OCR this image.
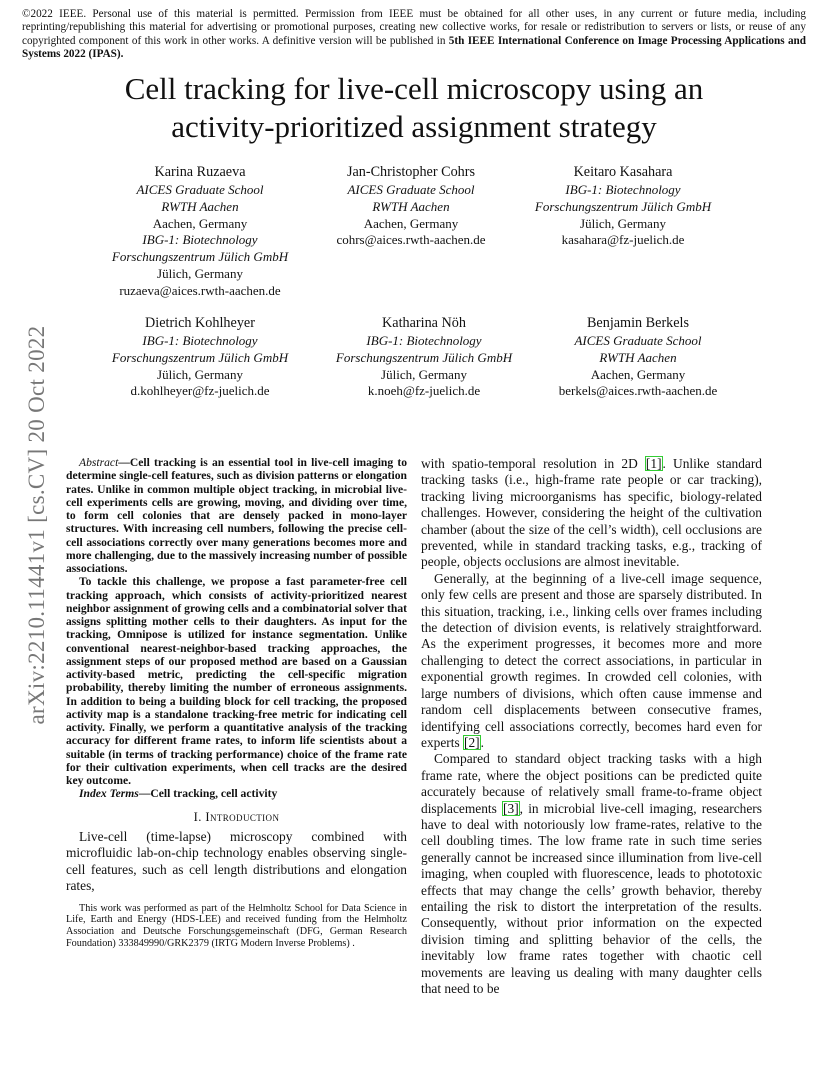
©2022 IEEE. Personal use of this material is permitted. Permission from IEEE must be obtained for all other uses, in any current or future media, including reprinting/republishing this material for advertising or promotional purposes, creating new collective works, for resale or redistribution to servers or lists, or reuse of any copyrighted component of this work in other works. A definitive version will be published in 5th IEEE International Conference on Image Processing Applications and Systems 2022 (IPAS).
Cell tracking for live-cell microscopy using an
activity-prioritized assignment strategy
arXiv:2210.11441v1 [cs.CV] 20 Oct 2022
Karina Ruzaeva
AICES Graduate School
RWTH Aachen
Aachen, Germany
IBG-1: Biotechnology
Forschungszentrum Jülich GmbH
Jülich, Germany
ruzaeva@aices.rwth-aachen.de
Jan-Christopher Cohrs
AICES Graduate School
RWTH Aachen
Aachen, Germany
cohrs@aices.rwth-aachen.de
Keitaro Kasahara
IBG-1: Biotechnology
Forschungszentrum Jülich GmbH
Jülich, Germany
kasahara@fz-juelich.de
Dietrich Kohlheyer
IBG-1: Biotechnology
Forschungszentrum Jülich GmbH
Jülich, Germany
d.kohlheyer@fz-juelich.de
Katharina Nöh
IBG-1: Biotechnology
Forschungszentrum Jülich GmbH
Jülich, Germany
k.noeh@fz-juelich.de
Benjamin Berkels
AICES Graduate School
RWTH Aachen
Aachen, Germany
berkels@aices.rwth-aachen.de

Abstract—Cell tracking is an essential tool in live-cell imaging to determine single-cell features, such as division patterns or elongation rates. Unlike in common multiple object tracking, in microbial live-cell experiments cells are growing, moving, and dividing over time, to form cell colonies that are densely packed in mono-layer structures. With increasing cell numbers, following the precise cell-cell associations correctly over many generations becomes more and more challenging, due to the massively increasing number of possible associations.

To tackle this challenge, we propose a fast parameter-free cell tracking approach, which consists of activity-prioritized nearest neighbor assignment of growing cells and a combinatorial solver that assigns splitting mother cells to their daughters. As input for the tracking, Omnipose is utilized for instance segmentation. Unlike conventional nearest-neighbor-based tracking approaches, the assignment steps of our proposed method are based on a Gaussian activity-based metric, predicting the cell-specific migration probability, thereby limiting the number of erroneous assignments. In addition to being a building block for cell tracking, the proposed activity map is a standalone tracking-free metric for indicating cell activity. Finally, we perform a quantitative analysis of the tracking accuracy for different frame rates, to inform life scientists about a suitable (in terms of tracking performance) choice of the frame rate for their cultivation experiments, when cell tracks are the desired key outcome.

Index Terms—Cell tracking, cell activity

I. Introduction

Live-cell (time-lapse) microscopy combined with microfluidic lab-on-chip technology enables observing single-cell features, such as cell length distributions and elongation rates,

This work was performed as part of the Helmholtz School for Data Science in Life, Earth and Energy (HDS-LEE) and received funding from the Helmholtz Association and Deutsche Forschungsgemeinschaft (DFG, German Research Foundation) 333849990/GRK2379 (IRTG Modern Inverse Problems) .

with spatio-temporal resolution in 2D [1]. Unlike standard tracking tasks (i.e., high-frame rate people or car tracking), tracking living microorganisms has specific, biology-related challenges. However, considering the height of the cultivation chamber (about the size of the cell’s width), cell occlusions are prevented, while in standard tracking tasks, e.g., tracking of people, objects occlusions are almost inevitable.

Generally, at the beginning of a live-cell image sequence, only few cells are present and those are sparsely distributed. In this situation, tracking, i.e., linking cells over frames including the detection of division events, is relatively straightforward. As the experiment progresses, it becomes more and more challenging to detect the correct associations, in particular in exponential growth regimes. In crowded cell colonies, with large numbers of divisions, which often cause immense and random cell displacements between consecutive frames, identifying cell associations correctly, becomes hard even for experts [2].

Compared to standard object tracking tasks with a high frame rate, where the object positions can be predicted quite accurately because of relatively small frame-to-frame object displacements [3], in microbial live-cell imaging, researchers have to deal with notoriously low frame-rates, relative to the cell doubling times. The low frame rate in such time series generally cannot be increased since illumination from live-cell imaging, when coupled with fluorescence, leads to phototoxic effects that may change the cells’ growth behavior, thereby entailing the risk to distort the interpretation of the results. Consequently, without prior information on the expected division timing and splitting behavior of the cells, the inevitably low frame rates together with chaotic cell movements are leaving us dealing with many daughter cells that need to be
